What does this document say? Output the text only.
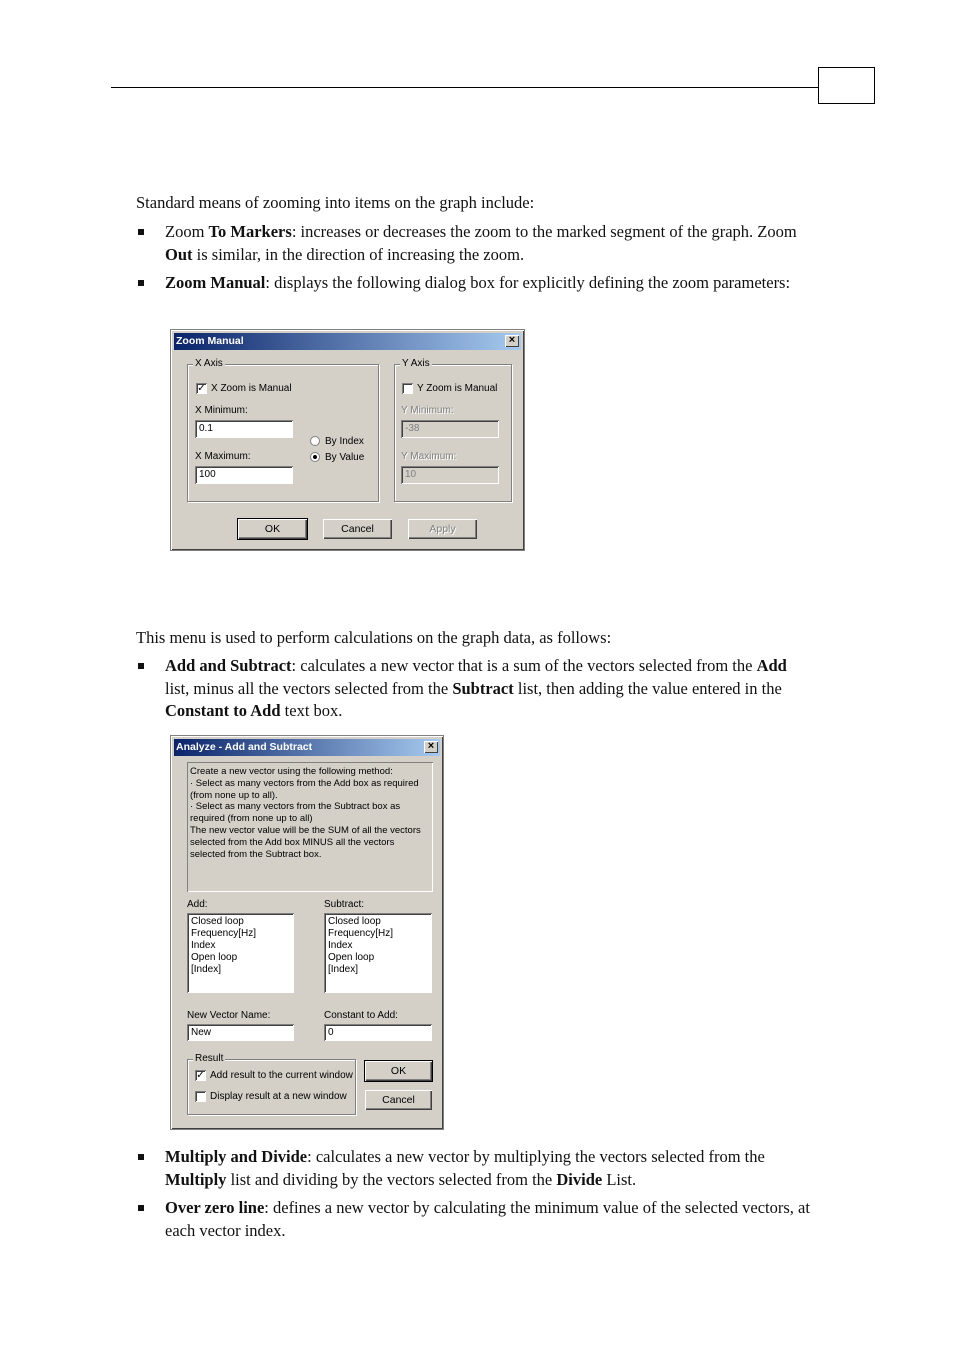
Standard means of zooming into items on the graph include:

Zoom To Markers: increases or decreases the zoom to the marked segment of the graph. Zoom Out is similar, in the direction of increasing the zoom.
Zoom Manual: displays the following dialog box for explicitly defining the zoom parameters:
Zoom Manual	×
X Axis
✓ X Zoom is Manual
X Minimum:
0.1
X Maximum:
100
By Index
By Value
Y Axis
Y Zoom is Manual
Y Minimum:
-38
Y Maximum:
10
OK	Cancel	Apply

This menu is used to perform calculations on the graph data, as follows:

Add and Subtract: calculates a new vector that is a sum of the vectors selected from the Add list, minus all the vectors selected from the Subtract list, then adding the value entered in the Constant to Add text box.
Analyze - Add and Subtract	×
Create a new vector using the following method:
· Select as many vectors from the Add box as required
(from none up to all).
· Select as many vectors from the Subtract box as
required (from none up to all)
The new vector value will be the SUM of all the vectors
selected from the Add box MINUS all the vectors
selected from the Subtract box.
Add:
Closed loop
Frequency[Hz]
Index
Open loop
[Index]
Subtract:
Closed loop
Frequency[Hz]
Index
Open loop
[Index]
New Vector Name:
New
Constant to Add:
0
Result
✓ Add result to the current window
Display result at a new window
OK
Cancel
Multiply and Divide: calculates a new vector by multiplying the vectors selected from the Multiply list and dividing by the vectors selected from the Divide List.
Over zero line: defines a new vector by calculating the minimum value of the selected vectors, at each vector index.
